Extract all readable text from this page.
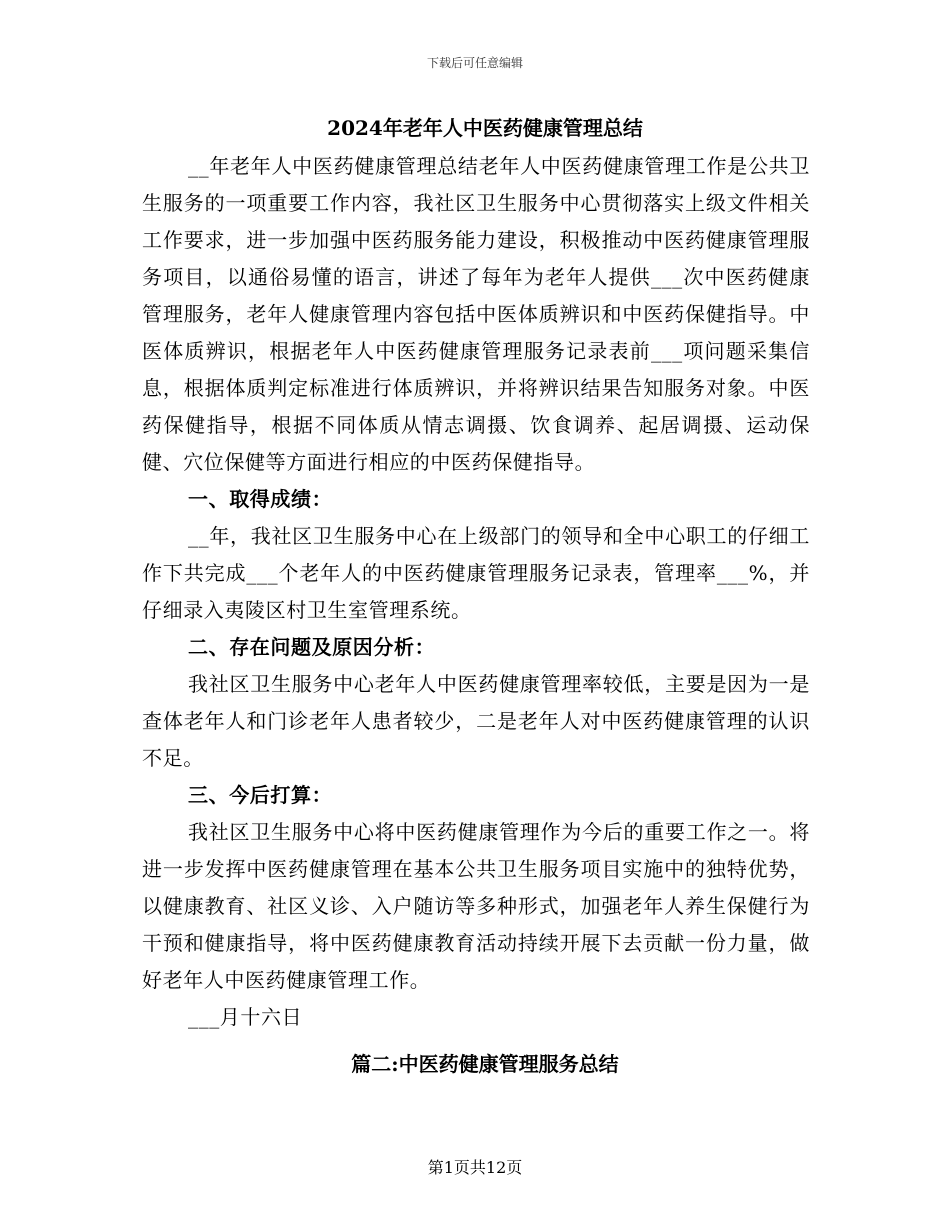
下载后可任意编辑
2024年老年人中医药健康管理总结

__年老年人中医药健康管理总结老年人中医药健康管理工作是公共卫生服务的一项重要工作内容，我社区卫生服务中心贯彻落实上级文件相关工作要求，进一步加强中医药服务能力建设，积极推动中医药健康管理服务项目，以通俗易懂的语言，讲述了每年为老年人提供___次中医药健康管理服务，老年人健康管理内容包括中医体质辨识和中医药保健指导。中医体质辨识，根据老年人中医药健康管理服务记录表前___项问题采集信息，根据体质判定标准进行体质辨识，并将辨识结果告知服务对象。中医药保健指导，根据不同体质从情志调摄、饮食调养、起居调摄、运动保健、穴位保健等方面进行相应的中医药保健指导。

一、取得成绩：

__年，我社区卫生服务中心在上级部门的领导和全中心职工的仔细工作下共完成___个老年人的中医药健康管理服务记录表，管理率___%，并仔细录入夷陵区村卫生室管理系统。

二、存在问题及原因分析：

我社区卫生服务中心老年人中医药健康管理率较低，主要是因为一是查体老年人和门诊老年人患者较少，二是老年人对中医药健康管理的认识不足。

三、今后打算：

我社区卫生服务中心将中医药健康管理作为今后的重要工作之一。将进一步发挥中医药健康管理在基本公共卫生服务项目实施中的独特优势，以健康教育、社区义诊、入户随访等多种形式，加强老年人养生保健行为干预和健康指导，将中医药健康教育活动持续开展下去贡献一份力量，做好老年人中医药健康管理工作。

___月十六日

篇二:中医药健康管理服务总结

第1页共12页
